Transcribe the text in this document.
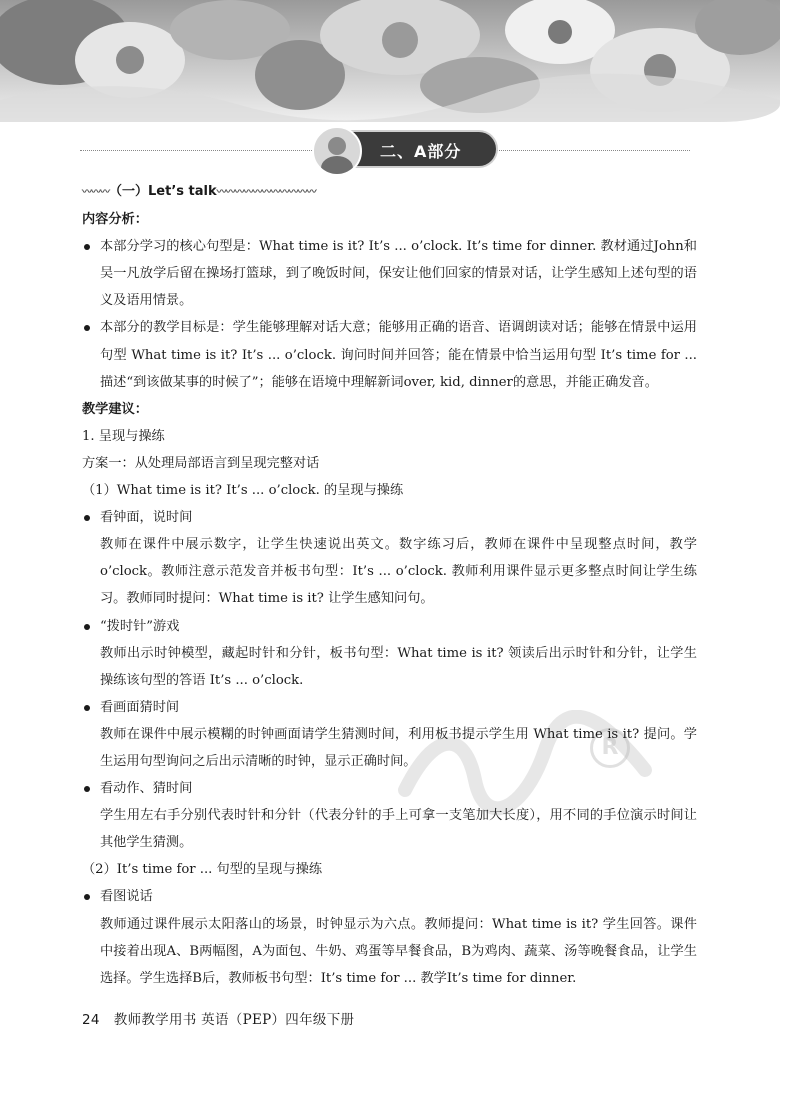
二、A部分
R

〰〰〰（一）Let’s talk〰〰〰〰〰〰〰〰〰〰〰

内容分析：

本部分学习的核心句型是：What time is it? It’s ... o’clock. It’s time for dinner. 教材通过John和吴一凡放学后留在操场打篮球，到了晚饭时间，保安让他们回家的情景对话，让学生感知上述句型的语义及语用情景。

本部分的教学目标是：学生能够理解对话大意；能够用正确的语音、语调朗读对话；能够在情景中运用句型 What time is it? It’s ... o’clock. 询问时间并回答；能在情景中恰当运用句型 It’s time for ... 描述“到该做某事的时候了”；能够在语境中理解新词over, kid, dinner的意思，并能正确发音。

教学建议：

1. 呈现与操练

方案一：从处理局部语言到呈现完整对话

（1）What time is it? It’s ... o’clock. 的呈现与操练

看钟面，说时间

教师在课件中展示数字，让学生快速说出英文。数字练习后，教师在课件中呈现整点时间，教学o’clock。教师注意示范发音并板书句型：It’s ... o’clock. 教师利用课件显示更多整点时间让学生练习。教师同时提问：What time is it? 让学生感知问句。

“拨时针”游戏

教师出示时钟模型，藏起时针和分针，板书句型：What time is it? 领读后出示时针和分针，让学生操练该句型的答语 It’s ... o’clock.

看画面猜时间

教师在课件中展示模糊的时钟画面请学生猜测时间，利用板书提示学生用 What time is it? 提问。学生运用句型询问之后出示清晰的时钟，显示正确时间。

看动作、猜时间

学生用左右手分别代表时针和分针（代表分针的手上可拿一支笔加大长度），用不同的手位演示时间让其他学生猜测。

（2）It’s time for ... 句型的呈现与操练

看图说话

教师通过课件展示太阳落山的场景，时钟显示为六点。教师提问：What time is it? 学生回答。课件中接着出现A、B两幅图，A为面包、牛奶、鸡蛋等早餐食品，B为鸡肉、蔬菜、汤等晚餐食品，让学生选择。学生选择B后，教师板书句型：It’s time for ... 教学It’s time for dinner.

24 教师教学用书 英语（PEP）四年级下册
